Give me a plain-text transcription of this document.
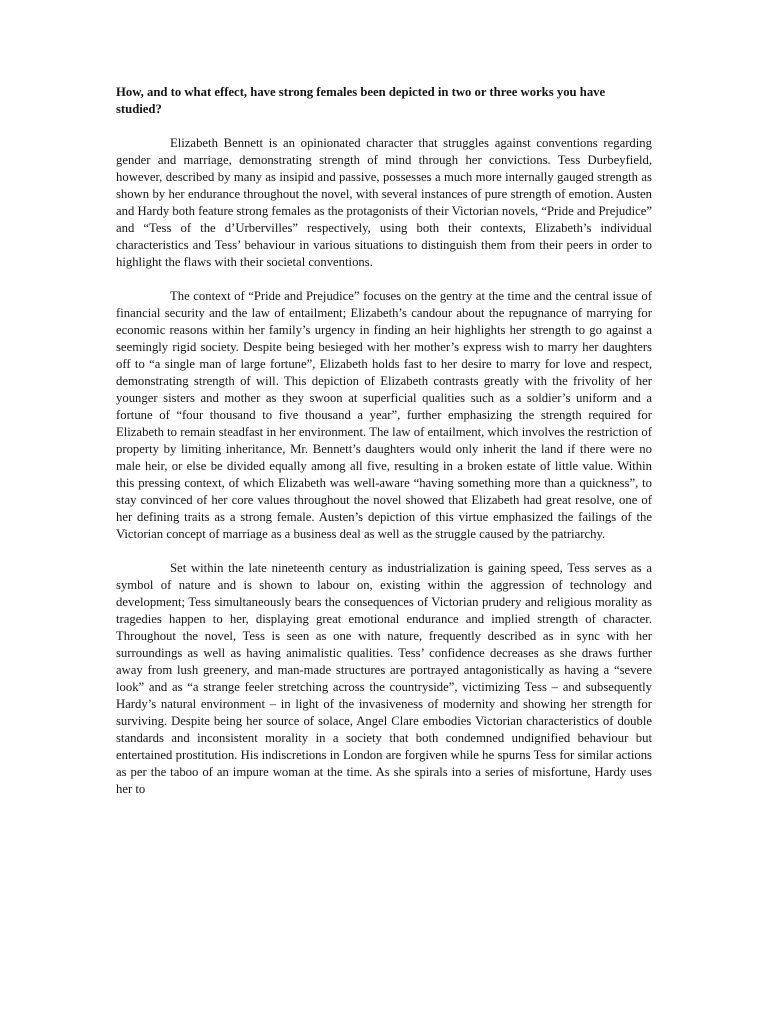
How, and to what effect, have strong females been depicted in two or three works you have studied?

Elizabeth Bennett is an opinionated character that struggles against conventions regarding gender and marriage, demonstrating strength of mind through her convictions. Tess Durbeyfield, however, described by many as insipid and passive, possesses a much more internally gauged strength as shown by her endurance throughout the novel, with several instances of pure strength of emotion. Austen and Hardy both feature strong females as the protagonists of their Victorian novels, “Pride and Prejudice” and “Tess of the d’Urbervilles” respectively, using both their contexts, Elizabeth’s individual characteristics and Tess’ behaviour in various situations to distinguish them from their peers in order to highlight the flaws with their societal conventions.

The context of “Pride and Prejudice” focuses on the gentry at the time and the central issue of financial security and the law of entailment; Elizabeth’s candour about the repugnance of marrying for economic reasons within her family’s urgency in finding an heir highlights her strength to go against a seemingly rigid society. Despite being besieged with her mother’s express wish to marry her daughters off to “a single man of large fortune”, Elizabeth holds fast to her desire to marry for love and respect, demonstrating strength of will. This depiction of Elizabeth contrasts greatly with the frivolity of her younger sisters and mother as they swoon at superficial qualities such as a soldier’s uniform and a fortune of “four thousand to five thousand a year”, further emphasizing the strength required for Elizabeth to remain steadfast in her environment. The law of entailment, which involves the restriction of property by limiting inheritance, Mr. Bennett’s daughters would only inherit the land if there were no male heir, or else be divided equally among all five, resulting in a broken estate of little value. Within this pressing context, of which Elizabeth was well-aware “having something more than a quickness”, to stay convinced of her core values throughout the novel showed that Elizabeth had great resolve, one of her defining traits as a strong female. Austen’s depiction of this virtue emphasized the failings of the Victorian concept of marriage as a business deal as well as the struggle caused by the patriarchy.

Set within the late nineteenth century as industrialization is gaining speed, Tess serves as a symbol of nature and is shown to labour on, existing within the aggression of technology and development; Tess simultaneously bears the consequences of Victorian prudery and religious morality as tragedies happen to her, displaying great emotional endurance and implied strength of character. Throughout the novel, Tess is seen as one with nature, frequently described as in sync with her surroundings as well as having animalistic qualities. Tess’ confidence decreases as she draws further away from lush greenery, and man-made structures are portrayed antagonistically as having a “severe look” and as “a strange feeler stretching across the countryside”, victimizing Tess – and subsequently Hardy’s natural environment – in light of the invasiveness of modernity and showing her strength for surviving. Despite being her source of solace, Angel Clare embodies Victorian characteristics of double standards and inconsistent morality in a society that both condemned undignified behaviour but entertained prostitution. His indiscretions in London are forgiven while he spurns Tess for similar actions as per the taboo of an impure woman at the time. As she spirals into a series of misfortune, Hardy uses her to
